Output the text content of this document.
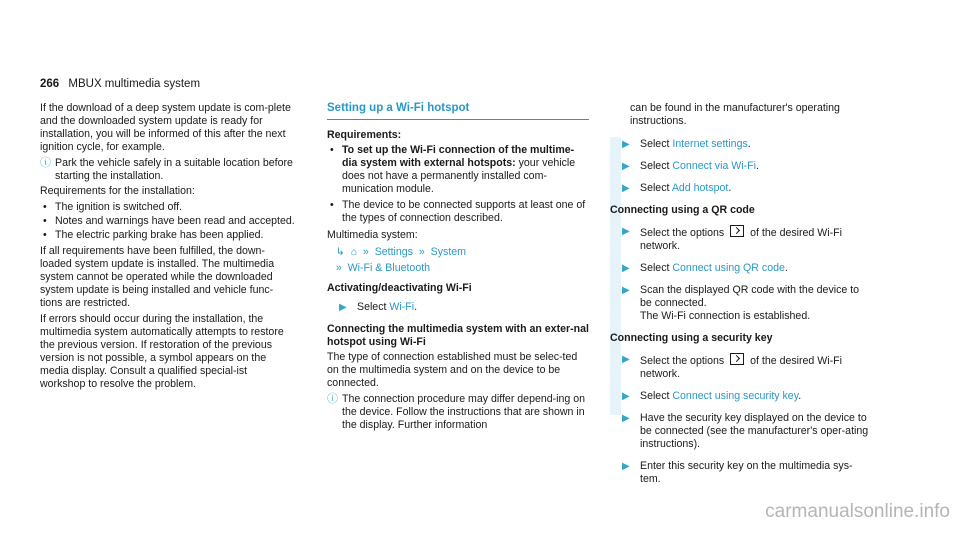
266 MBUX multimedia system

If the download of a deep system update is com-plete and the downloaded system update is ready for installation, you will be informed of this after the next ignition cycle, for example.

ⓘ Park the vehicle safely in a suitable location before starting the installation.

Requirements for the installation:

• The ignition is switched off.
• Notes and warnings have been read and accepted.
• The electric parking brake has been applied.

If all requirements have been fulfilled, the down-loaded system update is installed. The multimedia system cannot be operated while the downloaded system update is being installed and vehicle func-tions are restricted.

If errors should occur during the installation, the multimedia system automatically attempts to restore the previous version. If restoration of the previous version is not possible, a symbol appears on the media display. Consult a qualified special-ist workshop to resolve the problem.

Setting up a Wi-Fi hotspot
Requirements:
• To set up the Wi-Fi connection of the multime-dia system with external hotspots: your vehicle does not have a permanently installed com-munication module.
• The device to be connected supports at least one of the types of connection described.

Multimedia system:

↳  ⌂  »  Settings  »  System
»  Wi-Fi & Bluetooth
Activating/deactivating Wi-Fi
▶ Select Wi-Fi.
Connecting the multimedia system with an exter-nal hotspot using Wi-Fi

The type of connection established must be selec-ted on the multimedia system and on the device to be connected.

ⓘ The connection procedure may differ depend-ing on the device. Follow the instructions that are shown in the display. Further information

can be found in the manufacturer's operating instructions.

▶ Select Internet settings.
▶ Select Connect via Wi-Fi.
▶ Select Add hotspot.
Connecting using a QR code
▶ Select the options  of the desired Wi-Fi network.
▶ Select Connect using QR code.
▶ Scan the displayed QR code with the device to be connected.
The Wi-Fi connection is established.
Connecting using a security key
▶ Select the options  of the desired Wi-Fi network.
▶ Select Connect using security key.
▶ Have the security key displayed on the device to be connected (see the manufacturer's oper-ating instructions).
▶ Enter this security key on the multimedia sys-tem.
carmanualsonline.info
